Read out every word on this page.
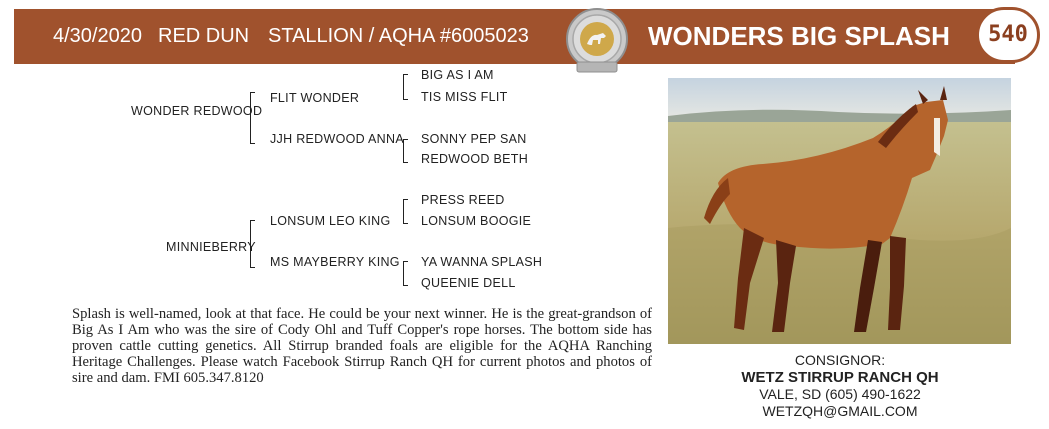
4/30/2020 RED DUN STALLION / AQHA #6005023	WONDERS BIG SPLASH	540
WONDER REDWOOD
FLIT WONDER
JJH REDWOOD ANNA
BIG AS I AM
TIS MISS FLIT
SONNY PEP SAN
REDWOOD BETH
MINNIEBERRY
LONSUM LEO KING
MS MAYBERRY KING
PRESS REED
LONSUM BOOGIE
YA WANNA SPLASH
QUEENIE DELL
Splash is well-named, look at that face. He could be your next winner. He is the great-grandson of Big As I Am who was the sire of Cody Ohl and Tuff Copper's rope horses. The bottom side has proven cattle cutting genetics. All Stirrup branded foals are eligible for the AQHA Ranching Heritage Challenges. Please watch Facebook Stirrup Ranch QH for current photos and photos of sire and dam. FMI 605.347.8120
CONSIGNOR:
WETZ STIRRUP RANCH QH
VALE, SD (605) 490-1622
WETZQH@GMAIL.COM
